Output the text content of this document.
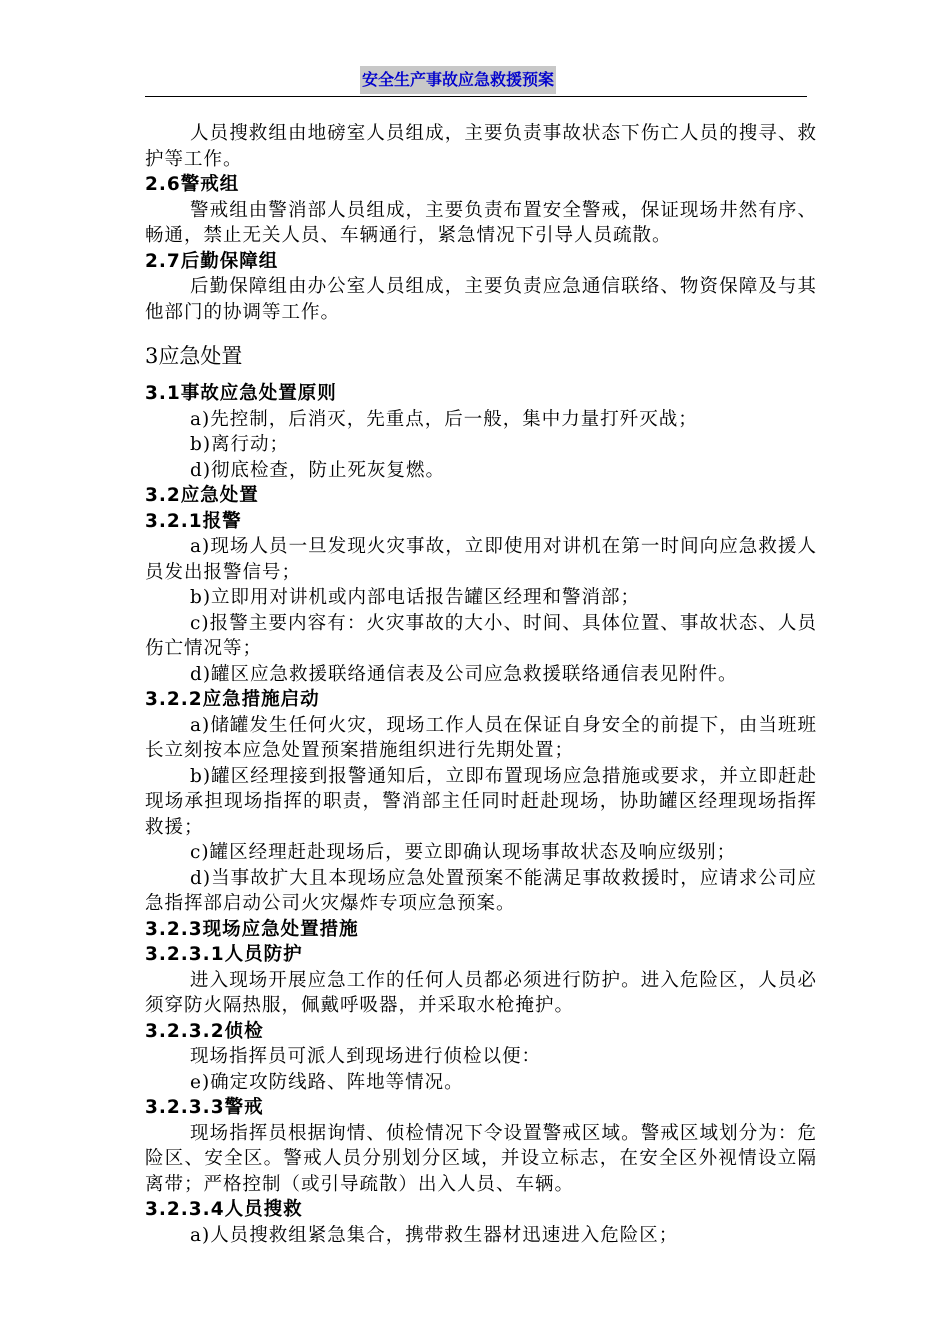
安全生产事故应急救援预案

人员搜救组由地磅室人员组成，主要负责事故状态下伤亡人员的搜寻、救护等工作。

2.6警戒组

警戒组由警消部人员组成，主要负责布置安全警戒，保证现场井然有序、畅通，禁止无关人员、车辆通行，紧急情况下引导人员疏散。

2.7后勤保障组

后勤保障组由办公室人员组成，主要负责应急通信联络、物资保障及与其他部门的协调等工作。

3应急处置

3.1事故应急处置原则

a)先控制，后消灭，先重点，后一般，集中力量打歼灭战；

b)离行动；

d)彻底检查，防止死灰复燃。

3.2应急处置

3.2.1报警

a)现场人员一旦发现火灾事故，立即使用对讲机在第一时间向应急救援人员发出报警信号；

b)立即用对讲机或内部电话报告罐区经理和警消部；

c)报警主要内容有：火灾事故的大小、时间、具体位置、事故状态、人员伤亡情况等；

d)罐区应急救援联络通信表及公司应急救援联络通信表见附件。

3.2.2应急措施启动

a)储罐发生任何火灾，现场工作人员在保证自身安全的前提下，由当班班长立刻按本应急处置预案措施组织进行先期处置；

b)罐区经理接到报警通知后，立即布置现场应急措施或要求，并立即赶赴现场承担现场指挥的职责，警消部主任同时赶赴现场，协助罐区经理现场指挥救援；

c)罐区经理赶赴现场后，要立即确认现场事故状态及响应级别；

d)当事故扩大且本现场应急处置预案不能满足事故救援时，应请求公司应急指挥部启动公司火灾爆炸专项应急预案。

3.2.3现场应急处置措施

3.2.3.1人员防护

进入现场开展应急工作的任何人员都必须进行防护。进入危险区，人员必须穿防火隔热服，佩戴呼吸器，并采取水枪掩护。

3.2.3.2侦检

现场指挥员可派人到现场进行侦检以便：

e)确定攻防线路、阵地等情况。

3.2.3.3警戒

现场指挥员根据询情、侦检情况下令设置警戒区域。警戒区域划分为：危险区、安全区。警戒人员分别划分区域，并设立标志，在安全区外视情设立隔离带；严格控制（或引导疏散）出入人员、车辆。

3.2.3.4人员搜救

a)人员搜救组紧急集合，携带救生器材迅速进入危险区；
